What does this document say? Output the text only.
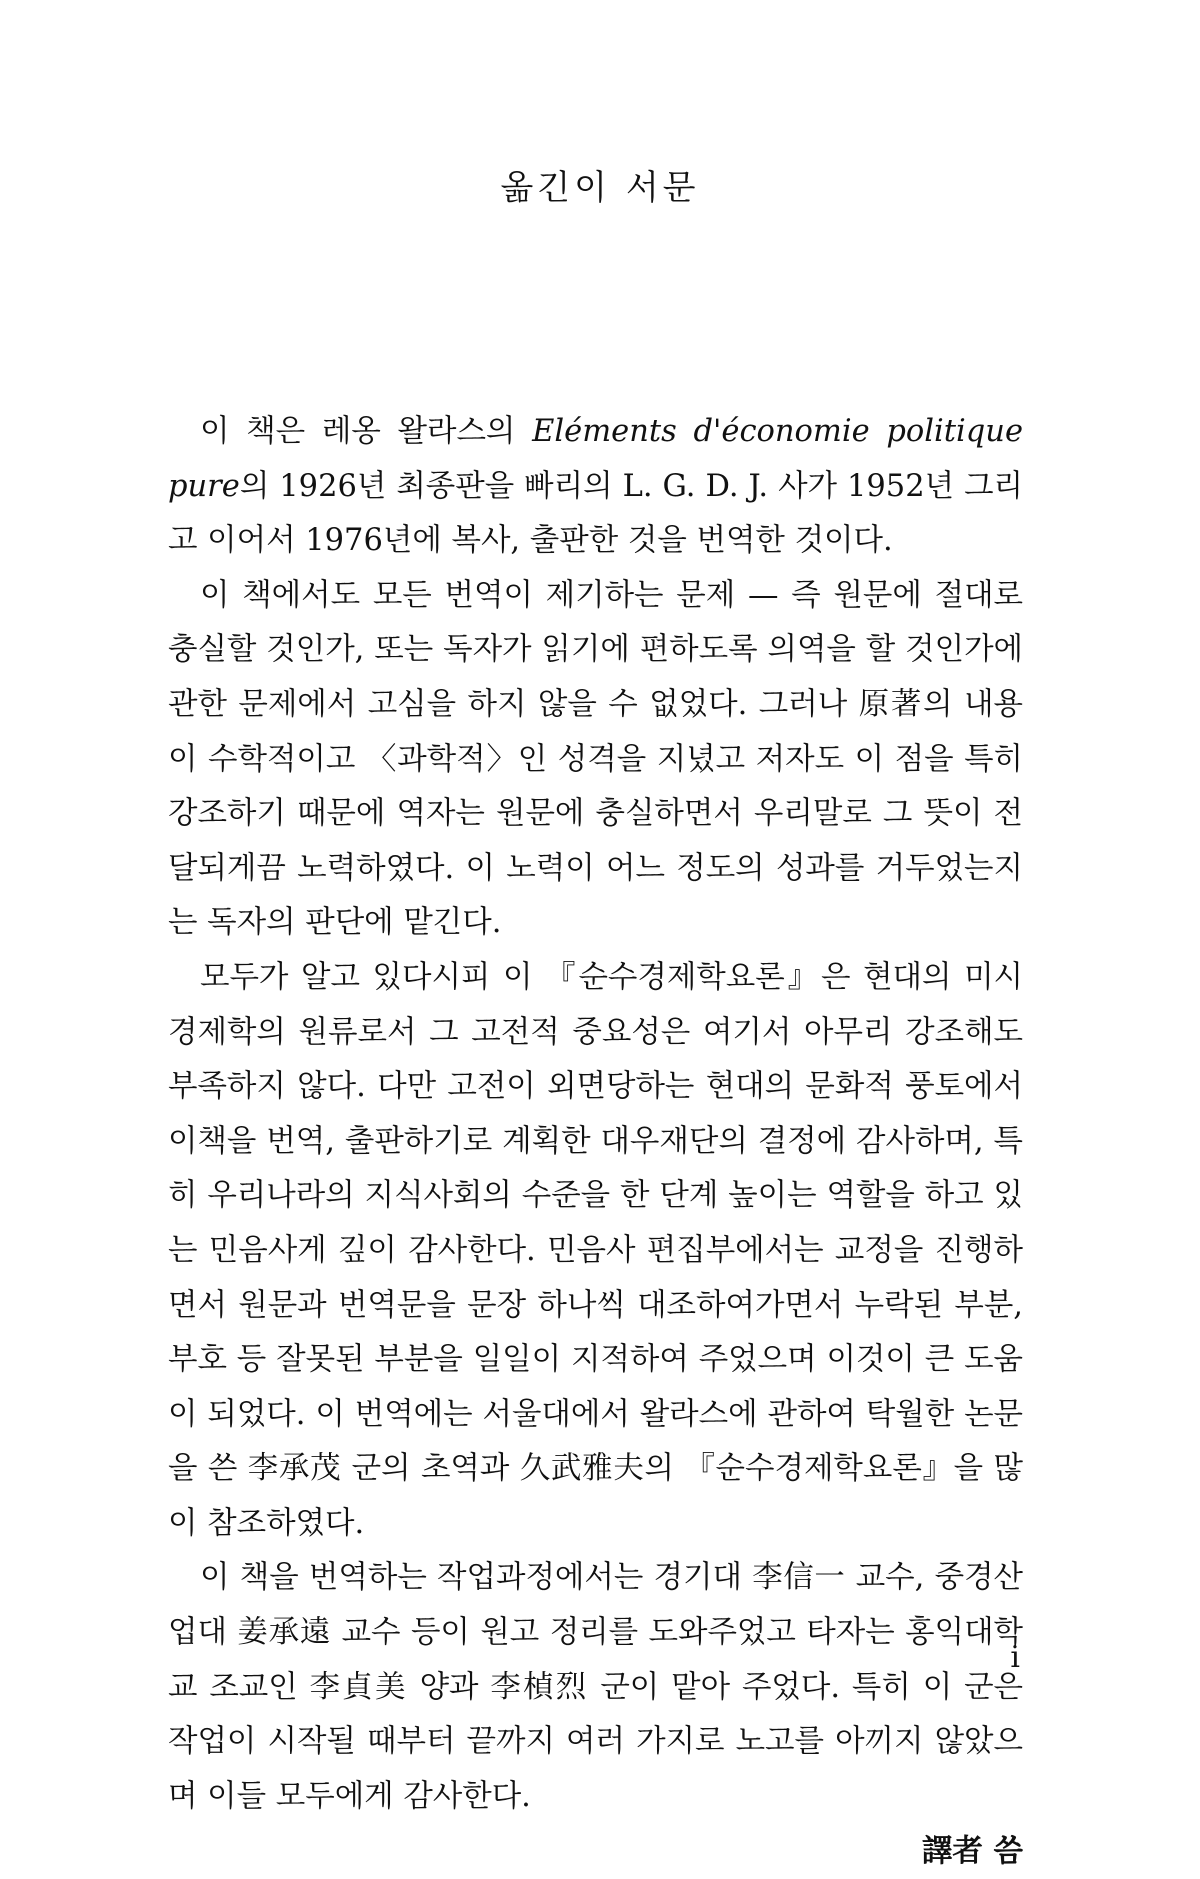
옮긴이 서문

이 책은 레옹 왈라스의 Eléments d'économie politique pure의 1926년 최종판을 빠리의 L. G. D. J. 사가 1952년 그리고 이어서 1976년에 복사, 출판한 것을 번역한 것이다.

이 책에서도 모든 번역이 제기하는 문제 — 즉 원문에 절대로 충실할 것인가, 또는 독자가 읽기에 편하도록 의역을 할 것인가에 관한 문제에서 고심을 하지 않을 수 없었다. 그러나 原著의 내용이 수학적이고 〈과학적〉인 성격을 지녔고 저자도 이 점을 특히 강조하기 때문에 역자는 원문에 충실하면서 우리말로 그 뜻이 전달되게끔 노력하였다. 이 노력이 어느 정도의 성과를 거두었는지는 독자의 판단에 맡긴다.

모두가 알고 있다시피 이 『순수경제학요론』은 현대의 미시경제학의 원류로서 그 고전적 중요성은 여기서 아무리 강조해도 부족하지 않다. 다만 고전이 외면당하는 현대의 문화적 풍토에서 이책을 번역, 출판하기로 계획한 대우재단의 결정에 감사하며, 특히 우리나라의 지식사회의 수준을 한 단계 높이는 역할을 하고 있는 민음사게 깊이 감사한다. 민음사 편집부에서는 교정을 진행하면서 원문과 번역문을 문장 하나씩 대조하여가면서 누락된 부분, 부호 등 잘못된 부분을 일일이 지적하여 주었으며 이것이 큰 도움이 되었다. 이 번역에는 서울대에서 왈라스에 관하여 탁월한 논문을 쓴 李承茂 군의 초역과 久武雅夫의 『순수경제학요론』을 많이 참조하였다.

이 책을 번역하는 작업과정에서는 경기대 李信一 교수, 중경산업대 姜承遠 교수 등이 원고 정리를 도와주었고 타자는 홍익대학교 조교인 李貞美 양과 李楨烈 군이 맡아 주었다. 특히 이 군은 작업이 시작될 때부터 끝까지 여러 가지로 노고를 아끼지 않았으며 이들 모두에게 감사한다.

譯者 씀

i
